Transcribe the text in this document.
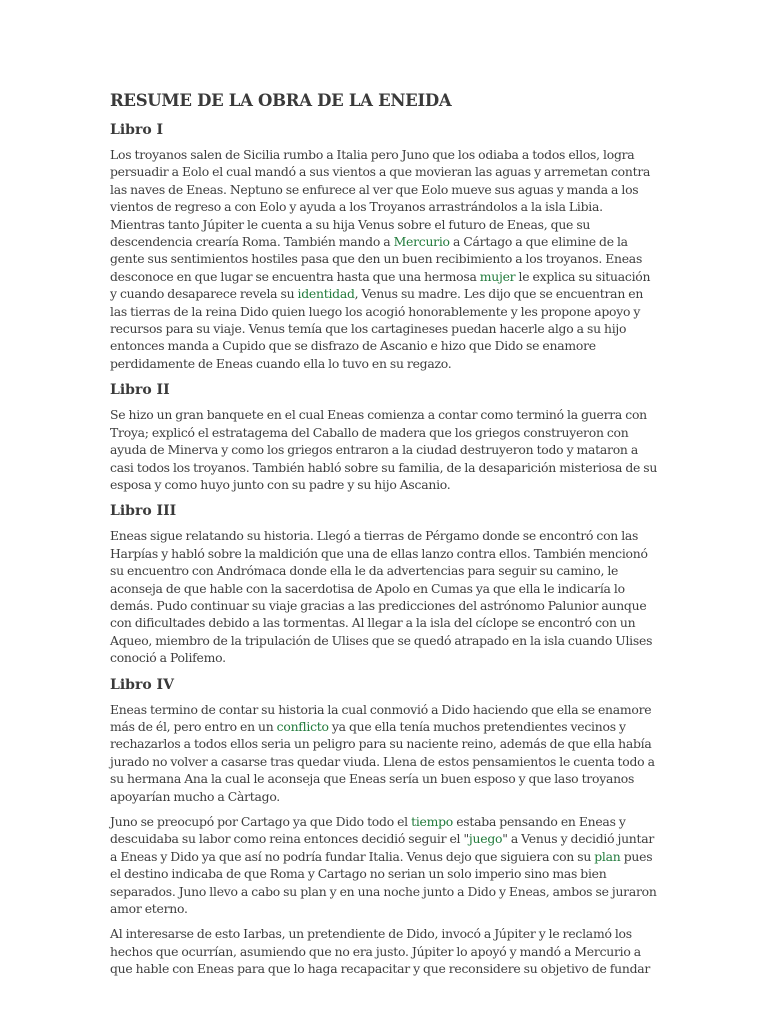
RESUME DE LA OBRA DE LA ENEIDA
Libro I

Los troyanos salen de Sicilia rumbo a Italia pero Juno que los odiaba a todos ellos, logra persuadir a Eolo el cual mandó a sus vientos a que movieran las aguas y arremetan contra las naves de Eneas. Neptuno se enfurece al ver que Eolo mueve sus aguas y manda a los vientos de regreso a con Eolo y ayuda a los Troyanos arrastrándolos a la isla Libia. Mientras tanto Júpiter le cuenta a su hija Venus sobre el futuro de Eneas, que su descendencia crearía Roma. También mando a Mercurio a Cártago a que elimine de la gente sus sentimientos hostiles pasa que den un buen recibimiento a los troyanos. Eneas desconoce en que lugar se encuentra hasta que una hermosa mujer le explica su situación y cuando desaparece revela su identidad, Venus su madre. Les dijo que se encuentran en las tierras de la reina Dido quien luego los acogió honorablemente y les propone apoyo y recursos para su viaje. Venus temía que los cartagineses puedan hacerle algo a su hijo entonces manda a Cupido que se disfrazo de Ascanio e hizo que Dido se enamore perdidamente de Eneas cuando ella lo tuvo en su regazo.

Libro II

Se hizo un gran banquete en el cual Eneas comienza a contar como terminó la guerra con Troya; explicó el estratagema del Caballo de madera que los griegos construyeron con ayuda de Minerva y como los griegos entraron a la ciudad destruyeron todo y mataron a casi todos los troyanos. También habló sobre su familia, de la desaparición misteriosa de su esposa y como huyo junto con su padre y su hijo Ascanio.

Libro III

Eneas sigue relatando su historia. Llegó a tierras de Pérgamo donde se encontró con las Harpías y habló sobre la maldición que una de ellas lanzo contra ellos. También mencionó su encuentro con Andrómaca donde ella le da advertencias para seguir su camino, le aconseja de que hable con la sacerdotisa de Apolo en Cumas ya que ella le indicaría lo demás. Pudo continuar su viaje gracias a las predicciones del astrónomo Palunior aunque con dificultades debido a las tormentas. Al llegar a la isla del cíclope se encontró con un Aqueo, miembro de la tripulación de Ulises que se quedó atrapado en la isla cuando Ulises conoció a Polifemo.

Libro IV

Eneas termino de contar su historia la cual conmovió a Dido haciendo que ella se enamore más de él, pero entro en un conflicto ya que ella tenía muchos pretendientes vecinos y rechazarlos a todos ellos seria un peligro para su naciente reino, además de que ella había jurado no volver a casarse tras quedar viuda. Llena de estos pensamientos le cuenta todo a su hermana Ana la cual le aconseja que Eneas sería un buen esposo y que laso troyanos apoyarían mucho a Càrtago.

Juno se preocupó por Cartago ya que Dido todo el tiempo estaba pensando en Eneas y descuidaba su labor como reina entonces decidió seguir el "juego" a Venus y decidió juntar a Eneas y Dido ya que así no podría fundar Italia. Venus dejo que siguiera con su plan pues el destino indicaba de que Roma y Cartago no serian un solo imperio sino mas bien separados. Juno llevo a cabo su plan y en una noche junto a Dido y Eneas, ambos se juraron amor eterno.

Al interesarse de esto Iarbas, un pretendiente de Dido, invocó a Júpiter y le reclamó los hechos que ocurrían, asumiendo que no era justo. Júpiter lo apoyó y mandó a Mercurio a que hable con Eneas para que lo haga recapacitar y que reconsidere su objetivo de fundar
